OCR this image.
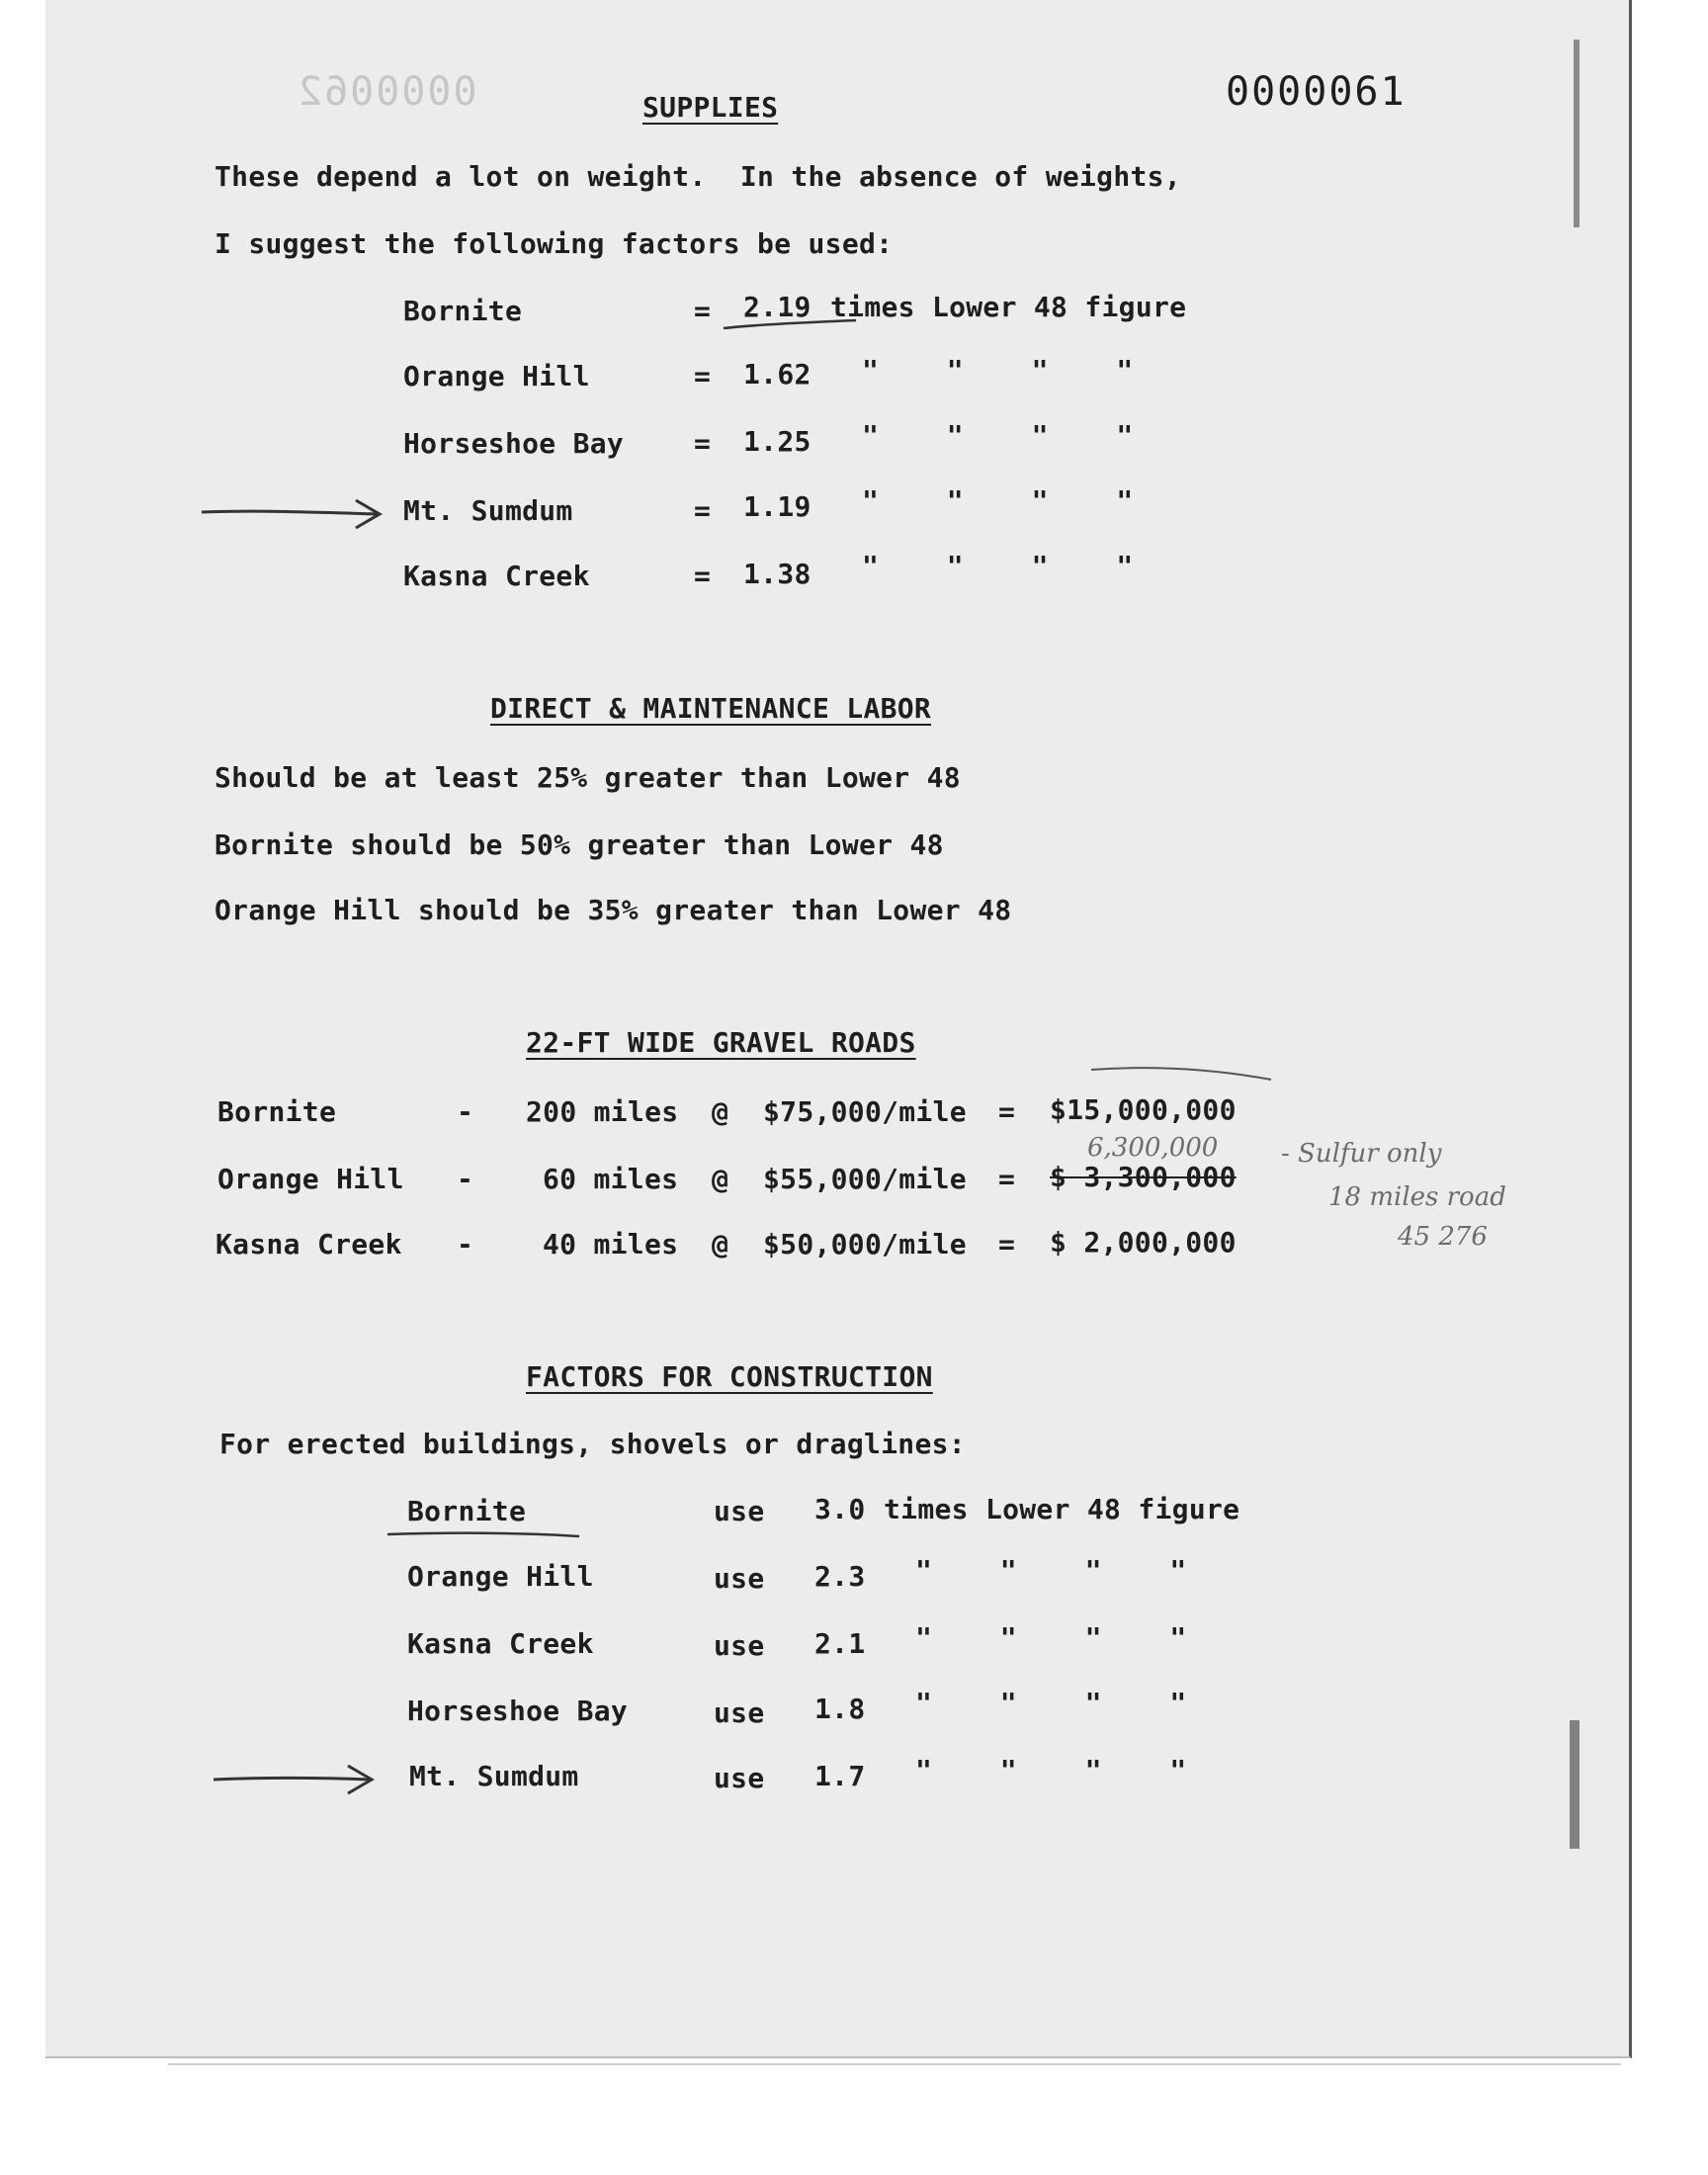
0000062	0000061
SUPPLIES
These depend a lot on weight.  In the absence of weights,
I suggest the following factors be used:
Bornite	= 2.19 times Lower 48 figure
Orange Hill	= 1.62 "    "    "    "
Horseshoe Bay	= 1.25 "    "    "    "
Mt. Sumdum	= 1.19 "    "    "    "
Kasna Creek	= 1.38 "    "    "    "
DIRECT & MAINTENANCE LABOR
Should be at least 25% greater than Lower 48
Bornite should be 50% greater than Lower 48
Orange Hill should be 35% greater than Lower 48
22-FT WIDE GRAVEL ROADS
Bornite	- 200 miles @ $75,000/mile = $15,000,000
Orange Hill - 60 miles @ $55,000/mile = $ 3,300,000
Kasna Creek - 40 miles @ $50,000/mile = $ 2,000,000
6,300,000 - Sulfur only
18 miles road
45 276
FACTORS FOR CONSTRUCTION
For erected buildings, shovels or draglines:
Bornite	use 3.0 times Lower 48 figure
Orange Hill	use 2.3 "    "    "    "
Kasna Creek	use 2.1 "    "    "    "
Horseshoe Bay	use 1.8 "    "    "    "
Mt. Sumdum	use 1.7 "    "    "    "
